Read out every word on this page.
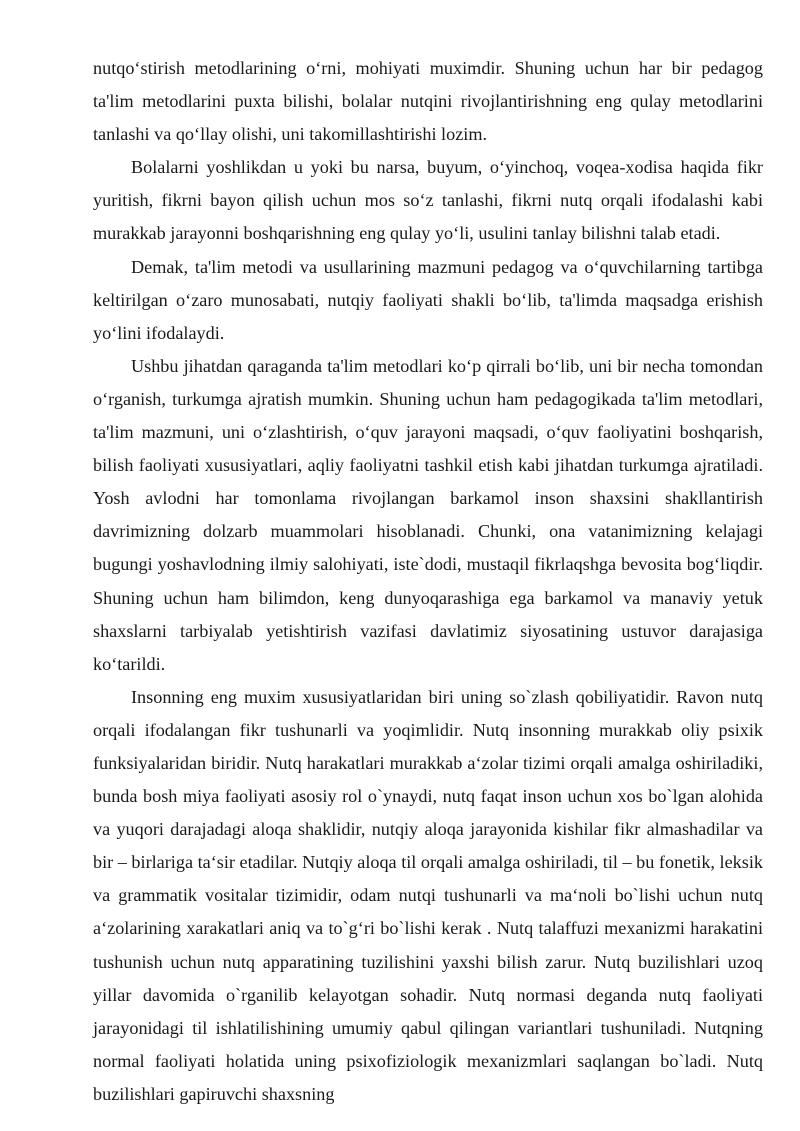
nutqo‘stirish metodlarining o‘rni, mohiyati muximdir. Shuning uchun har bir pedagog ta'lim metodlarini puxta bilishi, bolalar nutqini rivojlantirishning eng qulay metodlarini tanlashi va qo‘llay olishi, uni takomillashtirishi lozim.

Bolalarni yoshlikdan u yoki bu narsa, buyum, o‘yinchoq, voqea-xodisa haqida fikr yuritish, fikrni bayon qilish uchun mos so‘z tanlashi, fikrni nutq orqali ifodalashi kabi murakkab jarayonni boshqarishning eng qulay yo‘li, usulini tanlay bilishni talab etadi.

Demak, ta'lim metodi va usullarining mazmuni pedagog va o‘quvchilarning tartibga keltirilgan o‘zaro munosabati, nutqiy faoliyati shakli bo‘lib, ta'limda maqsadga erishish yo‘lini ifodalaydi.

Ushbu jihatdan qaraganda ta'lim metodlari ko‘p qirrali bo‘lib, uni bir necha tomondan o‘rganish, turkumga ajratish mumkin. Shuning uchun ham pedagogikada ta'lim metodlari, ta'lim mazmuni, uni o‘zlashtirish, o‘quv jarayoni maqsadi, o‘quv faoliyatini boshqarish, bilish faoliyati xususiyatlari, aqliy faoliyatni tashkil etish kabi jihatdan turkumga ajratiladi. Yosh avlodni har tomonlama rivojlangan barkamol inson shaxsini shakllantirish davrimizning dolzarb muammolari hisoblanadi. Chunki, ona vatanimizning kelajagi bugungi yoshavlodning ilmiy salohiyati, iste`dodi, mustaqil fikrlaqshga bevosita bog‘liqdir. Shuning uchun ham bilimdon, keng dunyoqarashiga ega barkamol va manaviy yetuk shaxslarni tarbiyalab yetishtirish vazifasi davlatimiz siyosatining ustuvor darajasiga ko‘tarildi.

Insonning eng muxim xususiyatlaridan biri uning so`zlash qobiliyatidir. Ravon nutq orqali ifodalangan fikr tushunarli va yoqimlidir. Nutq insonning murakkab oliy psixik funksiyalaridan biridir. Nutq harakatlari murakkab a‘zolar tizimi orqali amalga oshiriladiki, bunda bosh miya faoliyati asosiy rol o`ynaydi, nutq faqat inson uchun xos bo`lgan alohida va yuqori darajadagi aloqa shaklidir, nutqiy aloqa jarayonida kishilar fikr almashadilar va bir – birlariga ta‘sir etadilar. Nutqiy aloqa til orqali amalga oshiriladi, til – bu fonetik, leksik va grammatik vositalar tizimidir, odam nutqi tushunarli va ma‘noli bo`lishi uchun nutq a‘zolarining xarakatlari aniq va to`g‘ri bo`lishi kerak . Nutq talaffuzi mexanizmi harakatini tushunish uchun nutq apparatining tuzilishini yaxshi bilish zarur. Nutq buzilishlari uzoq yillar davomida o`rganilib kelayotgan sohadir. Nutq normasi deganda nutq faoliyati jarayonidagi til ishlatilishining umumiy qabul qilingan variantlari tushuniladi. Nutqning normal faoliyati holatida uning psixofiziologik mexanizmlari saqlangan bo`ladi. Nutq buzilishlari gapiruvchi shaxsning
